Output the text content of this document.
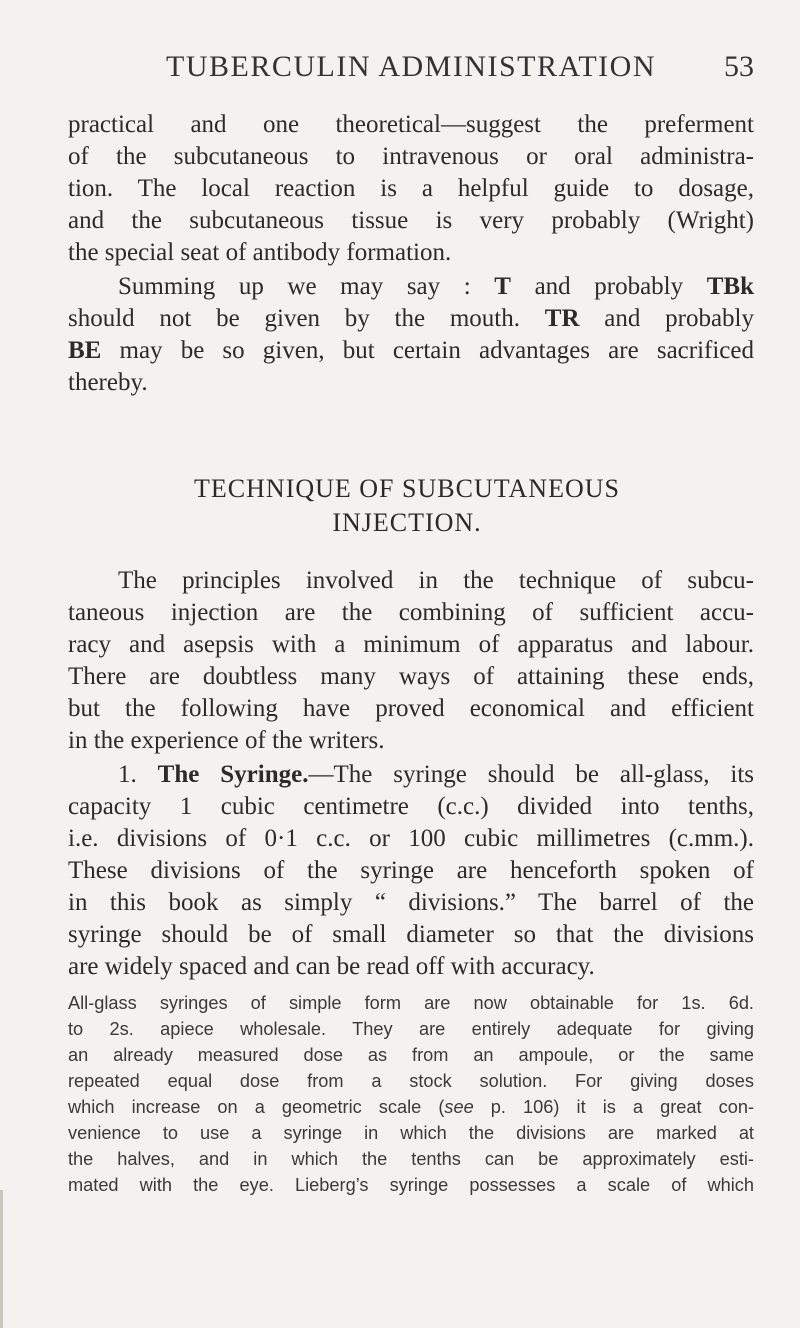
TUBERCULIN ADMINISTRATION 53
practical and one theoretical—suggest the preferment
of the subcutaneous to intravenous or oral administra-
tion. The local reaction is a helpful guide to dosage,
and the subcutaneous tissue is very probably (Wright)
the special seat of antibody formation.
Summing up we may say : T and probably TBk
should not be given by the mouth. TR and probably
BE may be so given, but certain advantages are sacrificed
thereby.
TECHNIQUE OF SUBCUTANEOUS
INJECTION.
The principles involved in the technique of subcu-
taneous injection are the combining of sufficient accu-
racy and asepsis with a minimum of apparatus and labour.
There are doubtless many ways of attaining these ends,
but the following have proved economical and efficient
in the experience of the writers.
1. The Syringe.—The syringe should be all-glass, its
capacity 1 cubic centimetre (c.c.) divided into tenths,
i.e. divisions of 0·1 c.c. or 100 cubic millimetres (c.mm.).
These divisions of the syringe are henceforth spoken of
in this book as simply “ divisions.” The barrel of the
syringe should be of small diameter so that the divisions
are widely spaced and can be read off with accuracy.
All-glass syringes of simple form are now obtainable for 1s. 6d.
to 2s. apiece wholesale. They are entirely adequate for giving
an already measured dose as from an ampoule, or the same
repeated equal dose from a stock solution. For giving doses
which increase on a geometric scale (see p. 106) it is a great con-
venience to use a syringe in which the divisions are marked at
the halves, and in which the tenths can be approximately esti-
mated with the eye. Lieberg’s syringe possesses a scale of which
